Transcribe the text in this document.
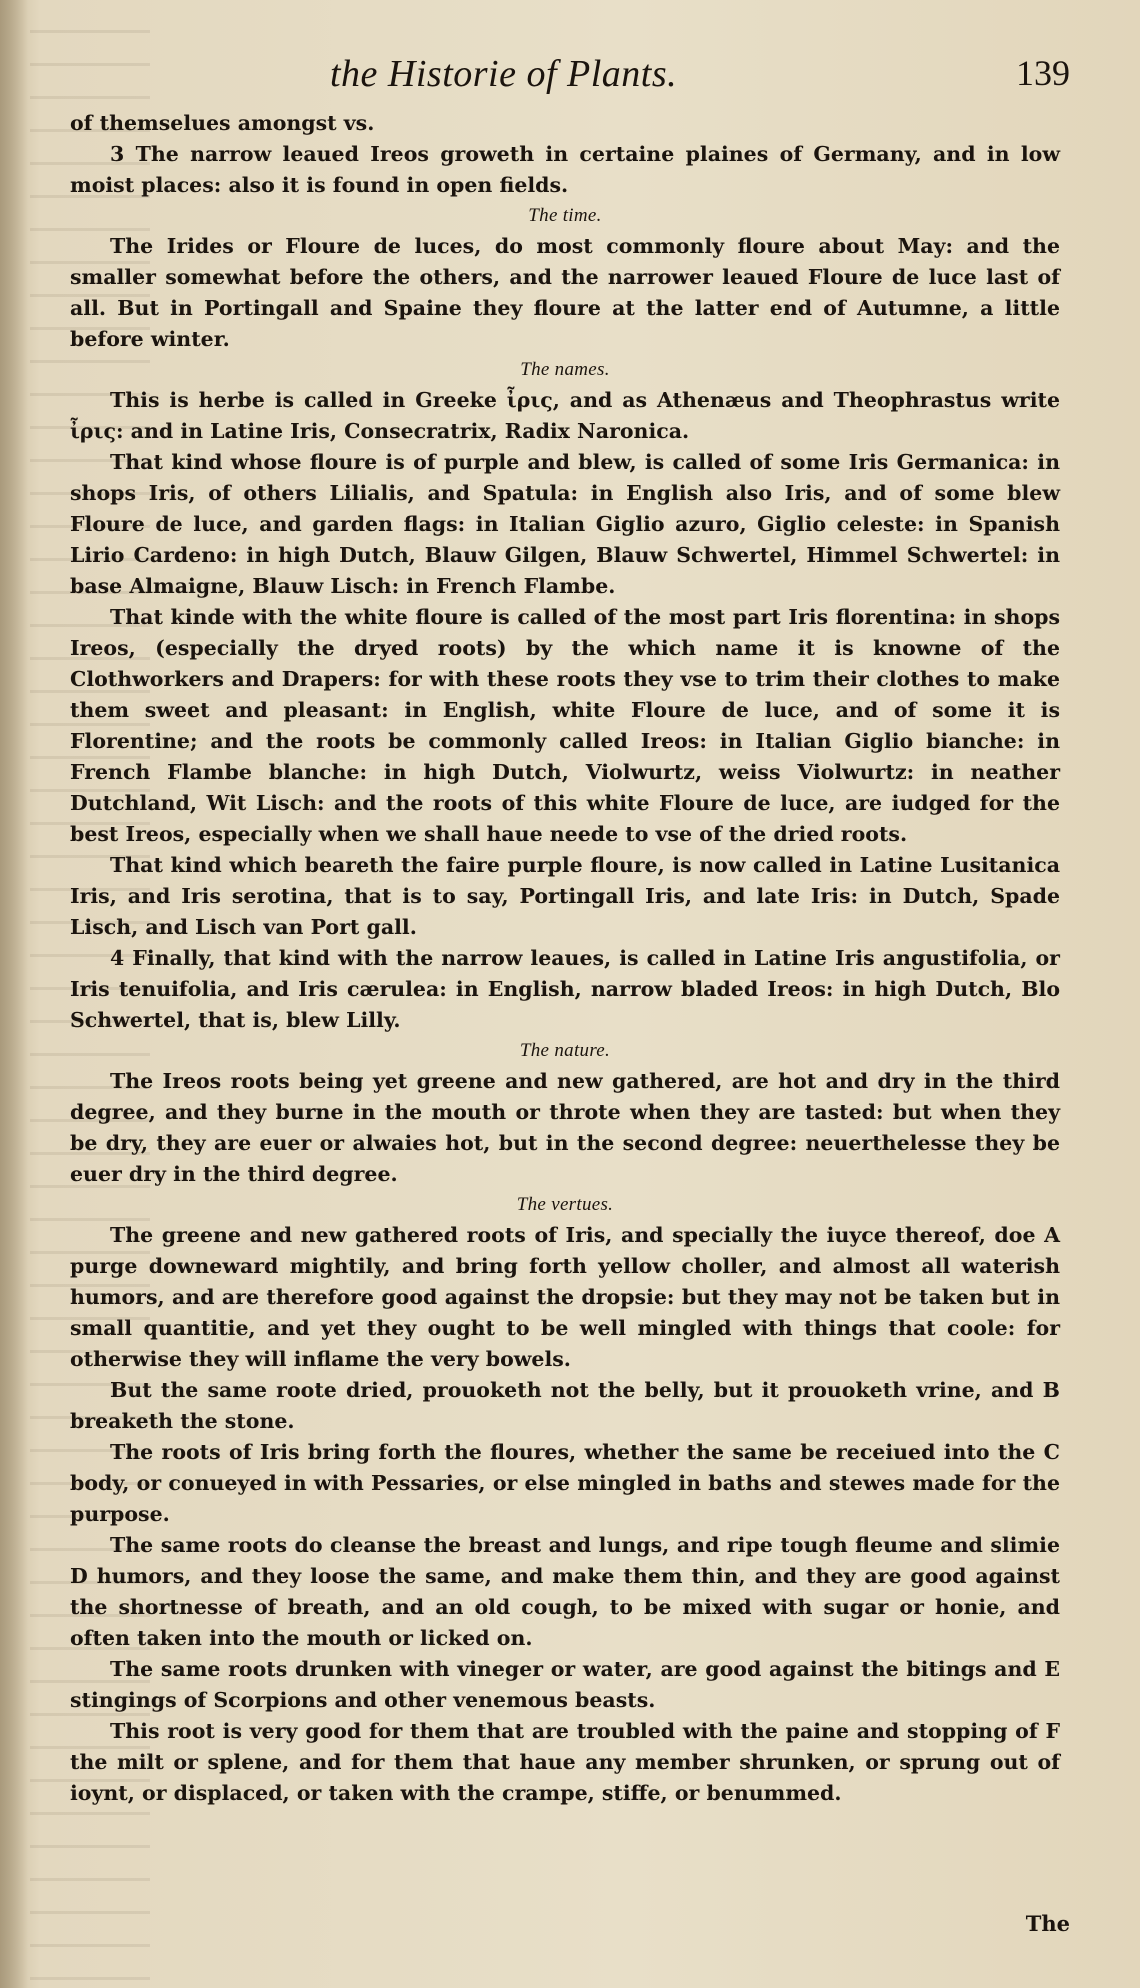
the Historie of Plants.	139

of themselues amongst vs.

3 The narrow leaued Ireos groweth in certaine plaines of Germany, and in low moist places: also it is found in open fields.

The time.

The Irides or Floure de luces, do most commonly floure about May: and the smaller somewhat before the others, and the narrower leaued Floure de luce last of all. But in Portingall and Spaine they floure at the latter end of Autumne, a little before winter.

The names.

This is herbe is called in Greeke ἶρις, and as Athenæus and Theophrastus write ἶρις: and in Latine Iris, Consecratrix, Radix Naronica.

That kind whose floure is of purple and blew, is called of some Iris Germanica: in shops Iris, of others Lilialis, and Spatula: in English also Iris, and of some blew Floure de luce, and garden flags: in Italian Giglio azuro, Giglio celeste: in Spanish Lirio Cardeno: in high Dutch, Blauw Gilgen, Blauw Schwertel, Himmel Schwertel: in base Almaigne, Blauw Lisch: in French Flambe.

That kinde with the white floure is called of the most part Iris florentina: in shops Ireos, (especially the dryed roots) by the which name it is knowne of the Clothworkers and Drapers: for with these roots they vse to trim their clothes to make them sweet and pleasant: in English, white Floure de luce, and of some it is Florentine; and the roots be commonly called Ireos: in Italian Giglio bianche: in French Flambe blanche: in high Dutch, Violwurtz, weiss Violwurtz: in neather Dutchland, Wit Lisch: and the roots of this white Floure de luce, are iudged for the best Ireos, especially when we shall haue neede to vse of the dried roots.

That kind which beareth the faire purple floure, is now called in Latine Lusitanica Iris, and Iris serotina, that is to say, Portingall Iris, and late Iris: in Dutch, Spade Lisch, and Lisch van Port gall.

4 Finally, that kind with the narrow leaues, is called in Latine Iris angustifolia, or Iris tenuifolia, and Iris cærulea: in English, narrow bladed Ireos: in high Dutch, Blo Schwertel, that is, blew Lilly.

The nature.

The Ireos roots being yet greene and new gathered, are hot and dry in the third degree, and they burne in the mouth or throte when they are tasted: but when they be dry, they are euer or alwaies hot, but in the second degree: neuerthelesse they be euer dry in the third degree.

The vertues.

The greene and new gathered roots of Iris, and specially the iuyce thereof, doe A purge downeward mightily, and bring forth yellow choller, and almost all waterish humors, and are therefore good against the dropsie: but they may not be taken but in small quantitie, and yet they ought to be well mingled with things that coole: for otherwise they will inflame the very bowels.

But the same roote dried, prouoketh not the belly, but it prouoketh vrine, and B breaketh the stone.

The roots of Iris bring forth the floures, whether the same be receiued into the C body, or conueyed in with Pessaries, or else mingled in baths and stewes made for the purpose.

The same roots do cleanse the breast and lungs, and ripe tough fleume and slimie D humors, and they loose the same, and make them thin, and they are good against the shortnesse of breath, and an old cough, to be mixed with sugar or honie, and often taken into the mouth or licked on.

The same roots drunken with vineger or water, are good against the bitings and E stingings of Scorpions and other venemous beasts.

This root is very good for them that are troubled with the paine and stopping of F the milt or splene, and for them that haue any member shrunken, or sprung out of ioynt, or displaced, or taken with the crampe, stiffe, or benummed.

The
